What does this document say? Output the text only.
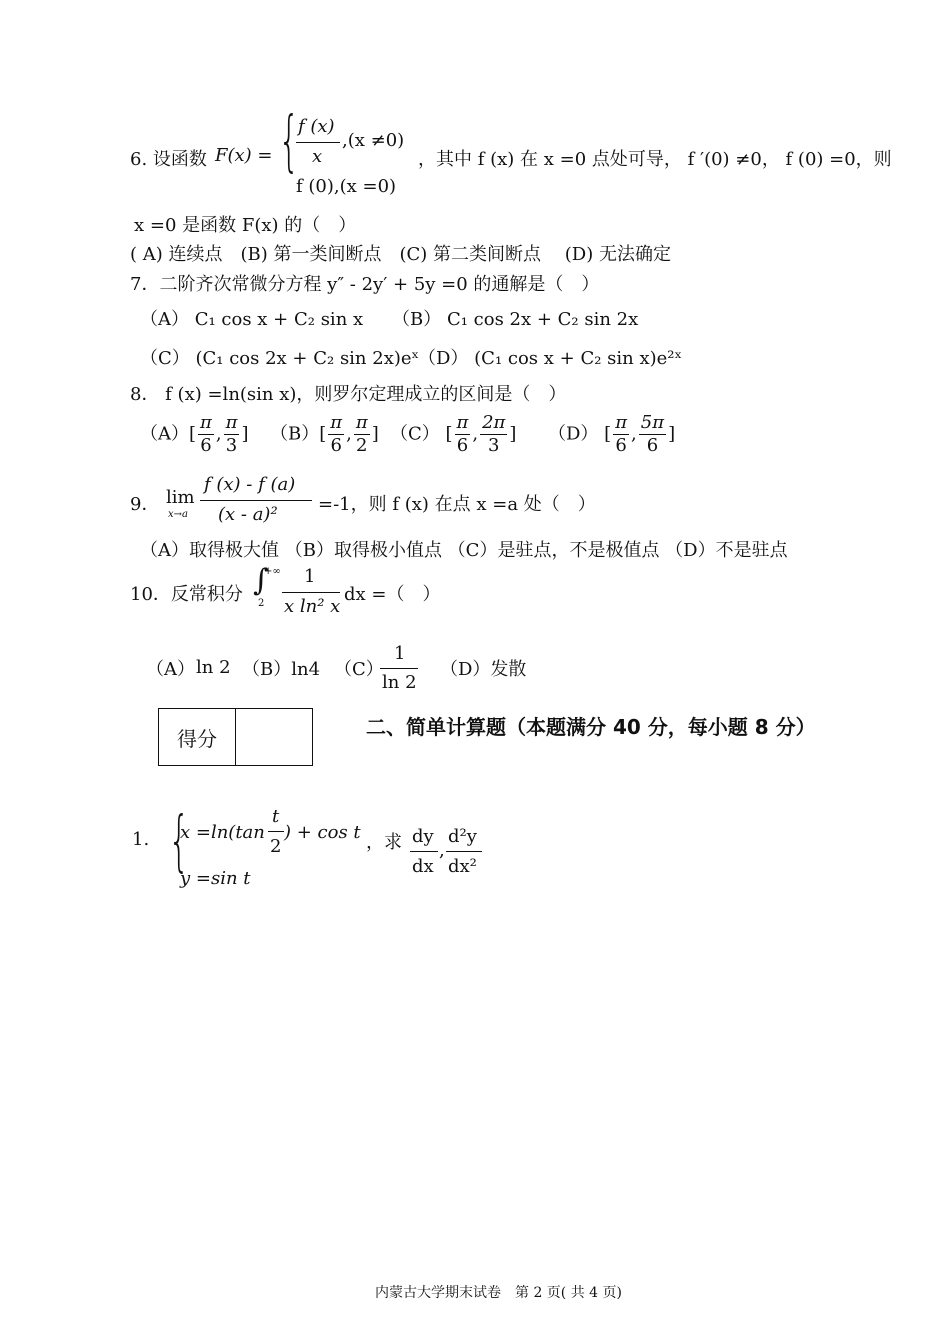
6. 设函数 F(x) = {
f (x)
x
,(x ≠0)
f (0),(x =0)
，其中 f (x) 在 x =0 点处可导， f ′(0) ≠0， f (0) =0，则
x =0 是函数 F(x) 的（　）
( A) 连续点　(B) 第一类间断点　(C) 第二类间断点　 (D) 无法确定
7．二阶齐次常微分方程 y″ - 2y′ + 5y =0 的通解是（　）
（A） C₁ cos x + C₂ sin x （B） C₁ cos 2x + C₂ sin 2x
（C） (C₁ cos 2x + C₂ sin 2x)eˣ
（D） (C₁ cos x + C₂ sin x)e²ˣ
8． f (x) =ln(sin x)，则罗尔定理成立的区间是（　）
$(A)[ \frac{\pi}{6}$ , $\frac{\pi}{3}$ ] $(B)[ \frac{\pi}{6}$ , $\frac{\pi}{2}$ ] （C） [ $\frac{\pi}{6}$ , $\frac{2\pi}{3}$ ] （D） [ $\frac{\pi}{6}$ , $\frac{5\pi}{6}$ ]
9． lim
x→a
f (x) - f (a)
(x - a)² =-1，则 f (x) 在点 x =a 处（　）
（A）取得极大值 （B）取得极小值点 （C）是驻点，不是极值点 （D）不是驻点
10．反常积分 ∫
+∞
2
1
x ln² x
dx =（　）
（A） ln 2 （B）ln4 （C）
1
ln 2
（D）发散
得分		二、简单计算题（本题满分 40 分，每小题 8 分）
1. {
x =ln(tan
t
2
) + cos t
y =sin t
，求 dy
dx
,
d²y
dx²
内蒙古大学期末试卷　第 2 页( 共 4 页)
